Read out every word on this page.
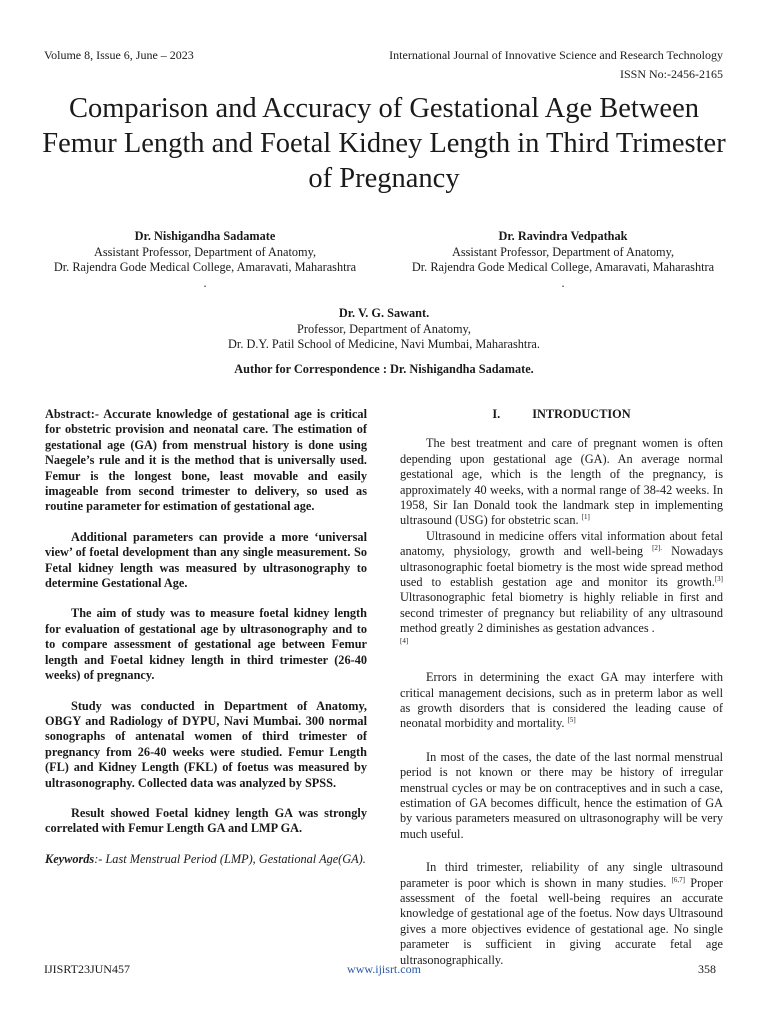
Volume 8, Issue 6, June – 2023	International Journal of Innovative Science and Research Technology
ISSN No:-2456-2165
Comparison and Accuracy of Gestational Age Between Femur Length and Foetal Kidney Length in Third Trimester of Pregnancy
Dr. Nishigandha Sadamate
Assistant Professor, Department of Anatomy,
Dr. Rajendra Gode Medical College, Amaravati, Maharashtra
.
Dr. Ravindra Vedpathak
Assistant Professor, Department of Anatomy,
Dr. Rajendra Gode Medical College, Amaravati, Maharashtra
.
Dr. V. G. Sawant.
Professor, Department of Anatomy,
Dr. D.Y. Patil School of Medicine, Navi Mumbai, Maharashtra.
Author for Correspondence : Dr. Nishigandha Sadamate.

Abstract:- Accurate knowledge of gestational age is critical for obstetric provision and neonatal care. The estimation of gestational age (GA) from menstrual history is done using Naegele’s rule and it is the method that is universally used. Femur is the longest bone, least movable and easily imageable from second trimester to delivery, so used as routine parameter for estimation of gestational age.

Additional parameters can provide a more ‘universal view’ of foetal development than any single measurement. So Fetal kidney length was measured by ultrasonography to determine Gestational Age.

The aim of study was to measure foetal kidney length for evaluation of gestational age by ultrasonography and to to compare assessment of gestational age between Femur length and Foetal kidney length in third trimester (26-40 weeks) of pregnancy.

Study was conducted in Department of Anatomy, OBGY and Radiology of DYPU, Navi Mumbai. 300 normal sonographs of antenatal women of third trimester of pregnancy from 26-40 weeks were studied. Femur Length (FL) and Kidney Length (FKL) of foetus was measured by ultrasonography. Collected data was analyzed by SPSS.

Result showed Foetal kidney length GA was strongly correlated with Femur Length GA and LMP GA.

Keywords:- Last Menstrual Period (LMP), Gestational Age(GA).

I.	INTRODUCTION

The best treatment and care of pregnant women is often depending upon gestational age (GA). An average normal gestational age, which is the length of the pregnancy, is approximately 40 weeks, with a normal range of 38-42 weeks. In 1958, Sir Ian Donald took the landmark step in implementing ultrasound (USG) for obstetric scan. [1]

Ultrasound in medicine offers vital information about fetal anatomy, physiology, growth and well-being $^{[2].}$ Nowadays ultrasonographic foetal biometry is the most wide spread method used to establish gestation age and monitor its growth.[3] Ultrasonographic fetal biometry is highly reliable in first and second trimester of pregnancy but reliability of any ultrasound method greatly 2 diminishes as gestation advances .
[4]

Errors in determining the exact GA may interfere with critical management decisions, such as in preterm labor as well as growth disorders that is considered the leading cause of neonatal morbidity and mortality. [5]

In most of the cases, the date of the last normal menstrual period is not known or there may be history of irregular menstrual cycles or may be on contraceptives and in such a case, estimation of GA becomes difficult, hence the estimation of GA by various parameters measured on ultrasonography will be very much useful.

In third trimester, reliability of any single ultrasound parameter is poor which is shown in many studies. [6,7] Proper assessment of the foetal well-being requires an accurate knowledge of gestational age of the foetus. Now days Ultrasound gives a more objectives evidence of gestational age. No single parameter is sufficient in giving accurate fetal age ultrasonographically.

IJISRT23JUN457	www.ijisrt.com	358
